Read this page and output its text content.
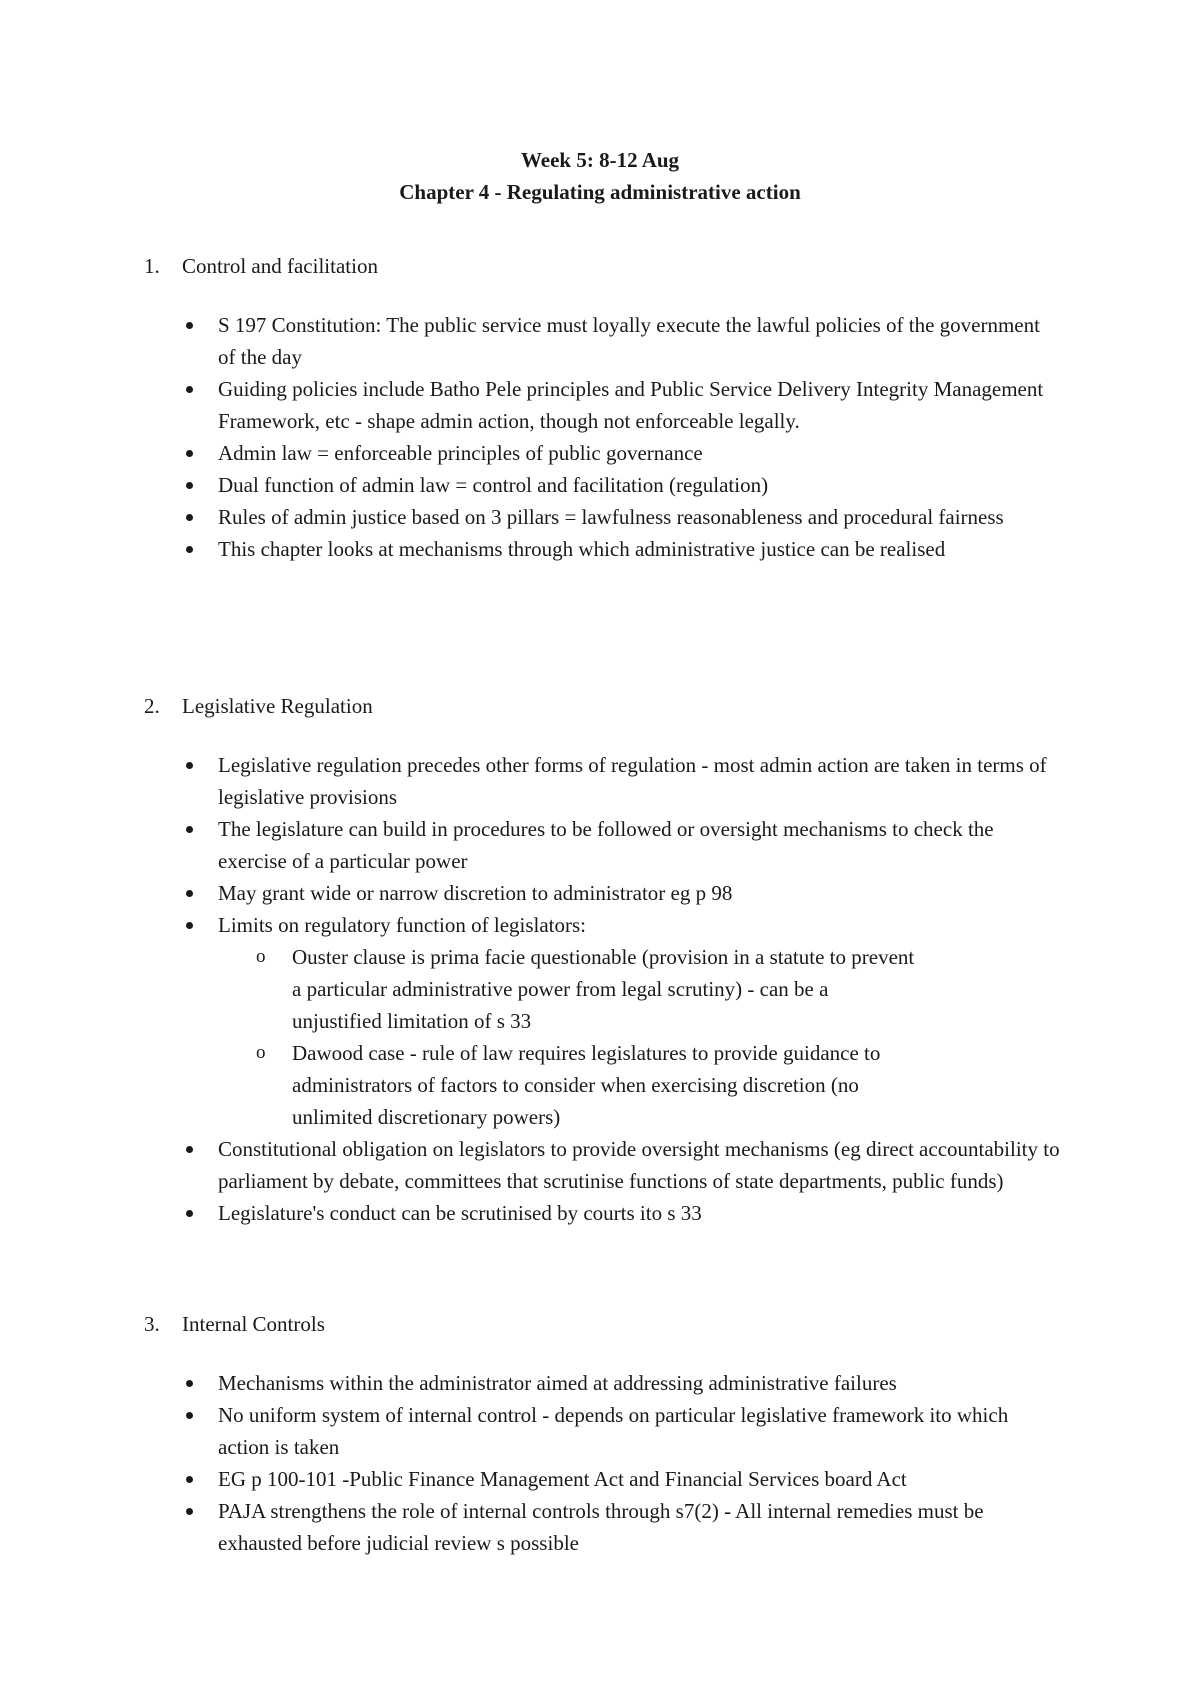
Week 5: 8-12 Aug
Chapter 4 - Regulating administrative action
1. Control and facilitation
S 197 Constitution: The public service must loyally execute the lawful policies of the government of the day
Guiding policies include Batho Pele principles and Public Service Delivery Integrity Management Framework, etc - shape admin action, though not enforceable legally.
Admin law = enforceable principles of public governance
Dual function of admin law = control and facilitation (regulation)
Rules of admin justice based on 3 pillars = lawfulness reasonableness and procedural fairness
This chapter looks at mechanisms through which administrative justice can be realised
2. Legislative Regulation
Legislative regulation precedes other forms of regulation - most admin action are taken in terms of legislative provisions
The legislature can build in procedures to be followed or oversight mechanisms to check the exercise of a particular power
May grant wide or narrow discretion to administrator eg p 98
Limits on regulatory function of legislators:
o Ouster clause is prima facie questionable (provision in a statute to prevent a particular administrative power from legal scrutiny) - can be a unjustified limitation of s 33
o Dawood case - rule of law requires legislatures to provide guidance to administrators of factors to consider when exercising discretion (no unlimited discretionary powers)
Constitutional obligation on legislators to provide oversight mechanisms (eg direct accountability to parliament by debate, committees that scrutinise functions of state departments, public funds)
Legislature's conduct can be scrutinised by courts ito s 33
3. Internal Controls
Mechanisms within the administrator aimed at addressing administrative failures
No uniform system of internal control - depends on particular legislative framework ito which action is taken
EG p 100-101 -Public Finance Management Act and Financial Services board Act
PAJA strengthens the role of internal controls through s7(2) - All internal remedies must be exhausted before judicial review s possible
